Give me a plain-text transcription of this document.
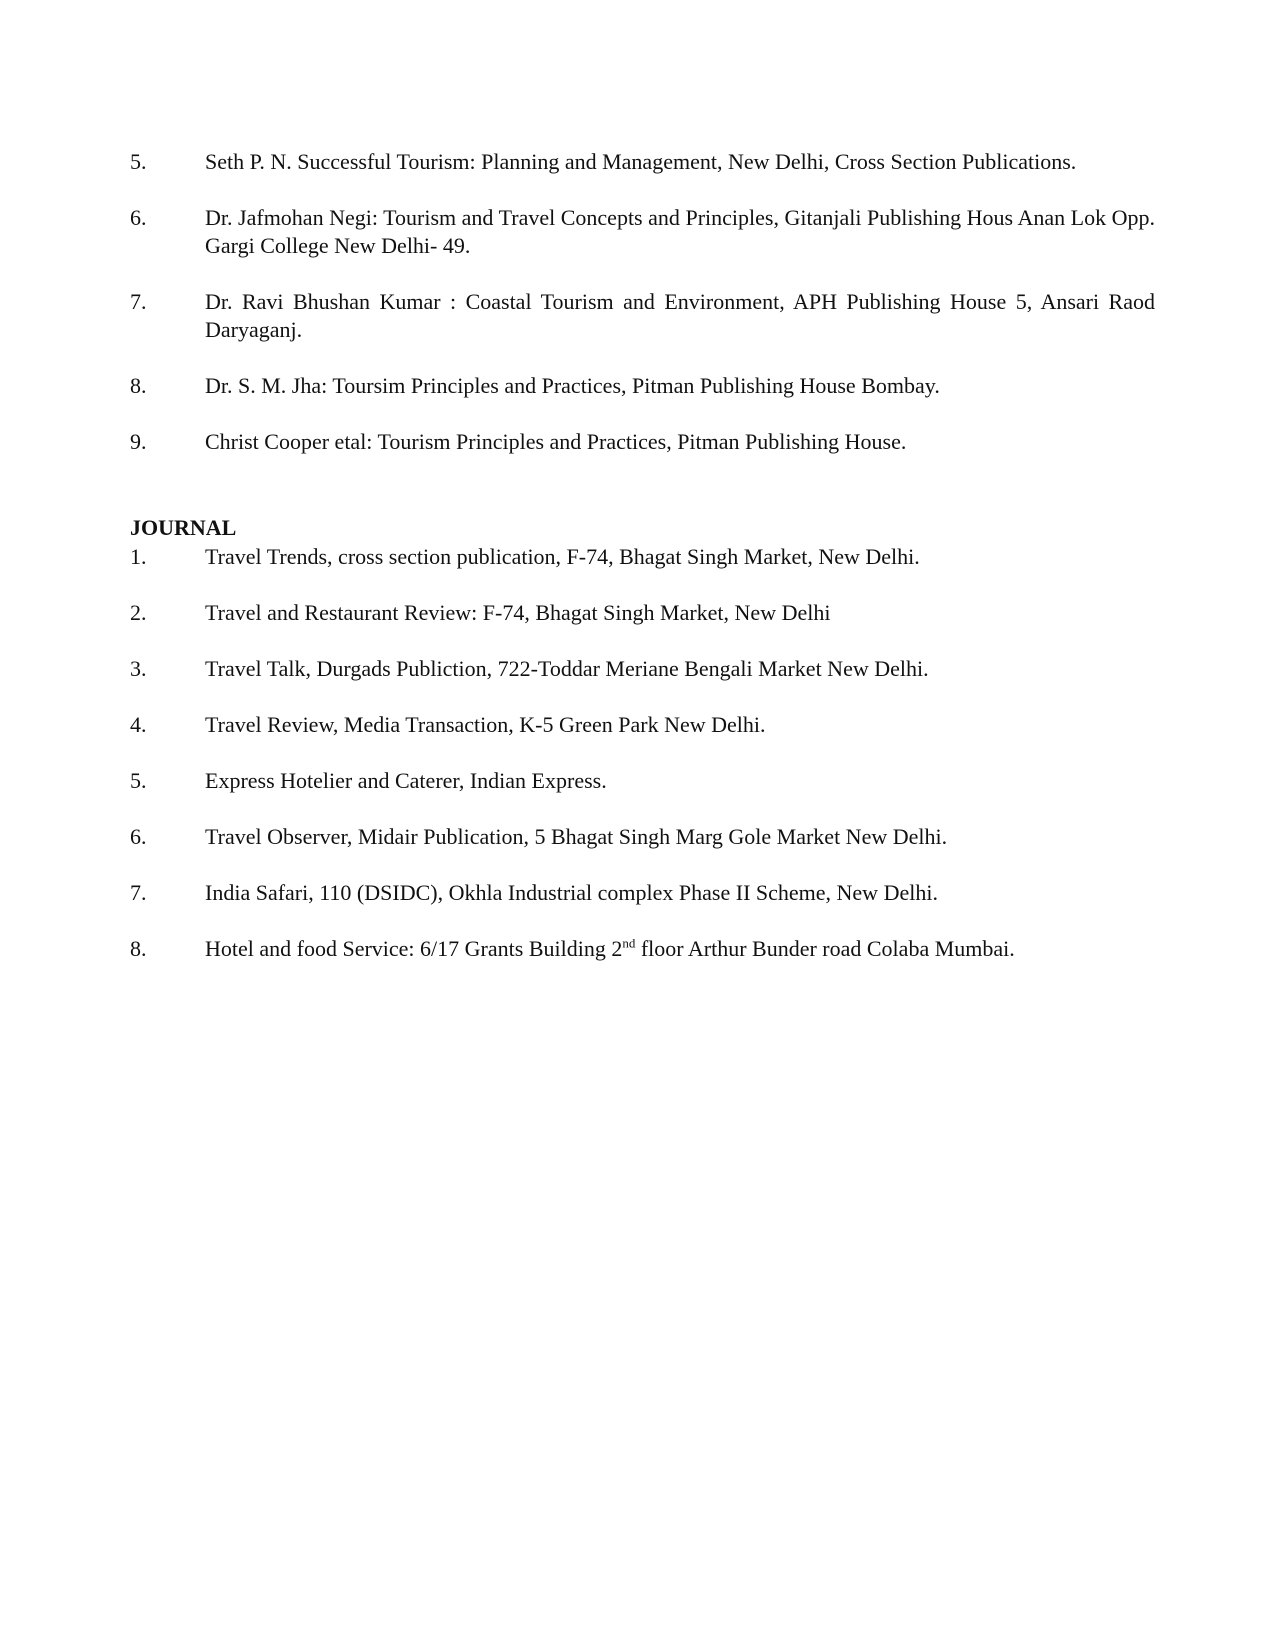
5.	Seth P. N. Successful Tourism: Planning and Management, New Delhi, Cross Section Publications.
6.	Dr. Jafmohan Negi: Tourism and Travel Concepts and Principles, Gitanjali Publishing Hous Anan Lok Opp. Gargi College New Delhi- 49.
7.	Dr. Ravi Bhushan Kumar : Coastal Tourism and Environment, APH Publishing House 5, Ansari Raod Daryaganj.
8.	Dr. S. M. Jha: Toursim Principles and Practices, Pitman Publishing House Bombay.
9.	Christ Cooper etal: Tourism Principles and Practices, Pitman Publishing House.
JOURNAL
1.	Travel Trends, cross section publication, F-74, Bhagat Singh Market, New Delhi.
2.	Travel and Restaurant Review: F-74, Bhagat Singh Market, New Delhi
3.	Travel Talk, Durgads Publiction, 722-Toddar Meriane Bengali Market New Delhi.
4.	Travel Review, Media Transaction, K-5 Green Park New Delhi.
5.	Express Hotelier and Caterer, Indian Express.
6.	Travel Observer, Midair Publication, 5 Bhagat Singh Marg Gole Market New Delhi.
7.	India Safari, 110 (DSIDC), Okhla Industrial complex Phase II Scheme, New Delhi.
8.	Hotel and food Service: 6/17 Grants Building 2nd floor Arthur Bunder road Colaba Mumbai.
